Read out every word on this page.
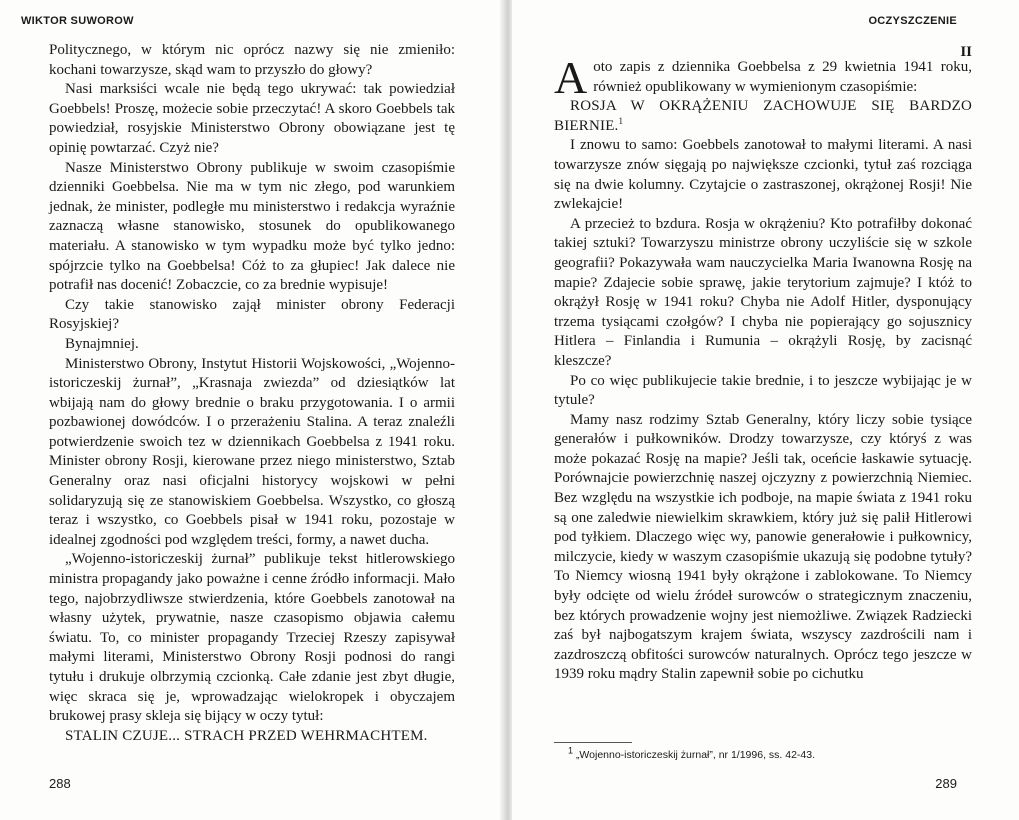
WIKTOR SUWOROW

Politycznego, w którym nic oprócz nazwy się nie zmieniło: kochani towarzysze, skąd wam to przyszło do głowy?

Nasi marksiści wcale nie będą tego ukrywać: tak powiedział Goebbels! Proszę, możecie sobie przeczytać! A skoro Goebbels tak powiedział, rosyjskie Ministerstwo Obrony obowiązane jest tę opinię powtarzać. Czyż nie?

Nasze Ministerstwo Obrony publikuje w swoim czasopiśmie dzienniki Goebbelsa. Nie ma w tym nic złego, pod warunkiem jednak, że minister, podległe mu ministerstwo i redakcja wyraźnie zaznaczą własne stanowisko, stosunek do opublikowanego materiału. A stanowisko w tym wypadku może być tylko jedno: spójrzcie tylko na Goebbelsa! Cóż to za głupiec! Jak dalece nie potrafił nas docenić! Zobaczcie, co za brednie wypisuje!

Czy takie stanowisko zajął minister obrony Federacji Rosyjskiej?

Bynajmniej.

Ministerstwo Obrony, Instytut Historii Wojskowości, „Wojenno-istoriczeskij żurnał”, „Krasnaja zwiezda” od dziesiątków lat wbijają nam do głowy brednie o braku przygotowania. I o armii pozbawionej dowódców. I o przerażeniu Stalina. A teraz znaleźli potwierdzenie swoich tez w dziennikach Goebbelsa z 1941 roku. Minister obrony Rosji, kierowane przez niego ministerstwo, Sztab Generalny oraz nasi oficjalni historycy wojskowi w pełni solidaryzują się ze stanowiskiem Goebbelsa. Wszystko, co głoszą teraz i wszystko, co Goebbels pisał w 1941 roku, pozostaje w idealnej zgodności pod względem treści, formy, a nawet ducha.

„Wojenno-istoriczeskij żurnał” publikuje tekst hitlerowskiego ministra propagandy jako poważne i cenne źródło informacji. Mało tego, najobrzydliwsze stwierdzenia, które Goebbels zanotował na własny użytek, prywatnie, nasze czasopismo objawia całemu światu. To, co minister propagandy Trzeciej Rzeszy zapisywał małymi literami, Ministerstwo Obrony Rosji podnosi do rangi tytułu i drukuje olbrzymią czcionką. Całe zdanie jest zbyt długie, więc skraca się je, wprowadzając wielokropek i obyczajem brukowej prasy skleja się bijący w oczy tytuł:

STALIN CZUJE... STRACH PRZED WEHRMACHTEM.

288
OCZYSZCZENIE
II

Aoto zapis z dziennika Goebbelsa z 29 kwietnia 1941 roku, również opublikowany w wymienionym czasopiśmie:

ROSJA W OKRĄŻENIU ZACHOWUJE SIĘ BARDZO BIERNIE.$^1$

I znowu to samo: Goebbels zanotował to małymi literami. A nasi towarzysze znów sięgają po największe czcionki, tytuł zaś rozciąga się na dwie kolumny. Czytajcie o zastraszonej, okrążonej Rosji! Nie zwlekajcie!

A przecież to bzdura. Rosja w okrążeniu? Kto potrafiłby dokonać takiej sztuki? Towarzyszu ministrze obrony uczyliście się w szkole geografii? Pokazywała wam nauczycielka Maria Iwanowna Rosję na mapie? Zdajecie sobie sprawę, jakie terytorium zajmuje? I któż to okrążył Rosję w 1941 roku? Chyba nie Adolf Hitler, dysponujący trzema tysiącami czołgów? I chyba nie popierający go sojusznicy Hitlera – Finlandia i Rumunia – okrążyli Rosję, by zacisnąć kleszcze?

Po co więc publikujecie takie brednie, i to jeszcze wybijając je w tytule?

Mamy nasz rodzimy Sztab Generalny, który liczy sobie tysiące generałów i pułkowników. Drodzy towarzysze, czy któryś z was może pokazać Rosję na mapie? Jeśli tak, oceńcie łaskawie sytuację. Porównajcie powierzchnię naszej ojczyzny z powierzchnią Niemiec. Bez względu na wszystkie ich podboje, na mapie świata z 1941 roku są one zaledwie niewielkim skrawkiem, który już się palił Hitlerowi pod tyłkiem. Dlaczego więc wy, panowie generałowie i pułkownicy, milczycie, kiedy w waszym czasopiśmie ukazują się podobne tytuły? To Niemcy wiosną 1941 były okrążone i zablokowane. To Niemcy były odcięte od wielu źródeł surowców o strategicznym znaczeniu, bez których prowadzenie wojny jest niemożliwe. Związek Radziecki zaś był najbogatszym krajem świata, wszyscy zazdrościli nam i zazdroszczą obfitości surowców naturalnych. Oprócz tego jeszcze w 1939 roku mądry Stalin zapewnił sobie po cichutku

$^1$ „Wojenno-istoriczeskij żurnał”, nr 1/1996, ss. 42-43.
289
